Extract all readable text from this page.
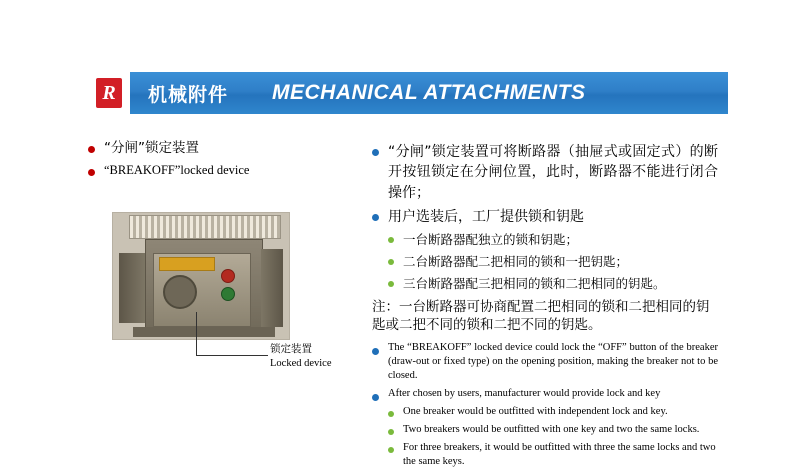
R	机械附件 MECHANICAL ATTACHMENTS
“分闸”锁定装置
“BREAKOFF”locked device
锁定装置
Locked device
“分闸”锁定装置可将断路器（抽屉式或固定式）的断开按钮锁定在分闸位置，此时，断路器不能进行闭合操作；
用户选装后，工厂提供锁和钥匙
一台断路器配独立的锁和钥匙；
二台断路器配二把相同的锁和一把钥匙；
三台断路器配三把相同的锁和二把相同的钥匙。
注：一台断路器可协商配置二把相同的锁和二把相同的钥匙或二把不同的锁和二把不同的钥匙。
The “BREAKOFF” locked device could lock the “OFF” button of the breaker (draw-out or fixed type) on the opening position, making the breaker not to be closed.
After chosen by users, manufacturer would provide lock and key
One breaker would be outfitted with independent lock and key.
Two breakers would be outfitted with one key and two the same locks.
For three breakers, it would be outfitted with three the same locks and two the same keys.
